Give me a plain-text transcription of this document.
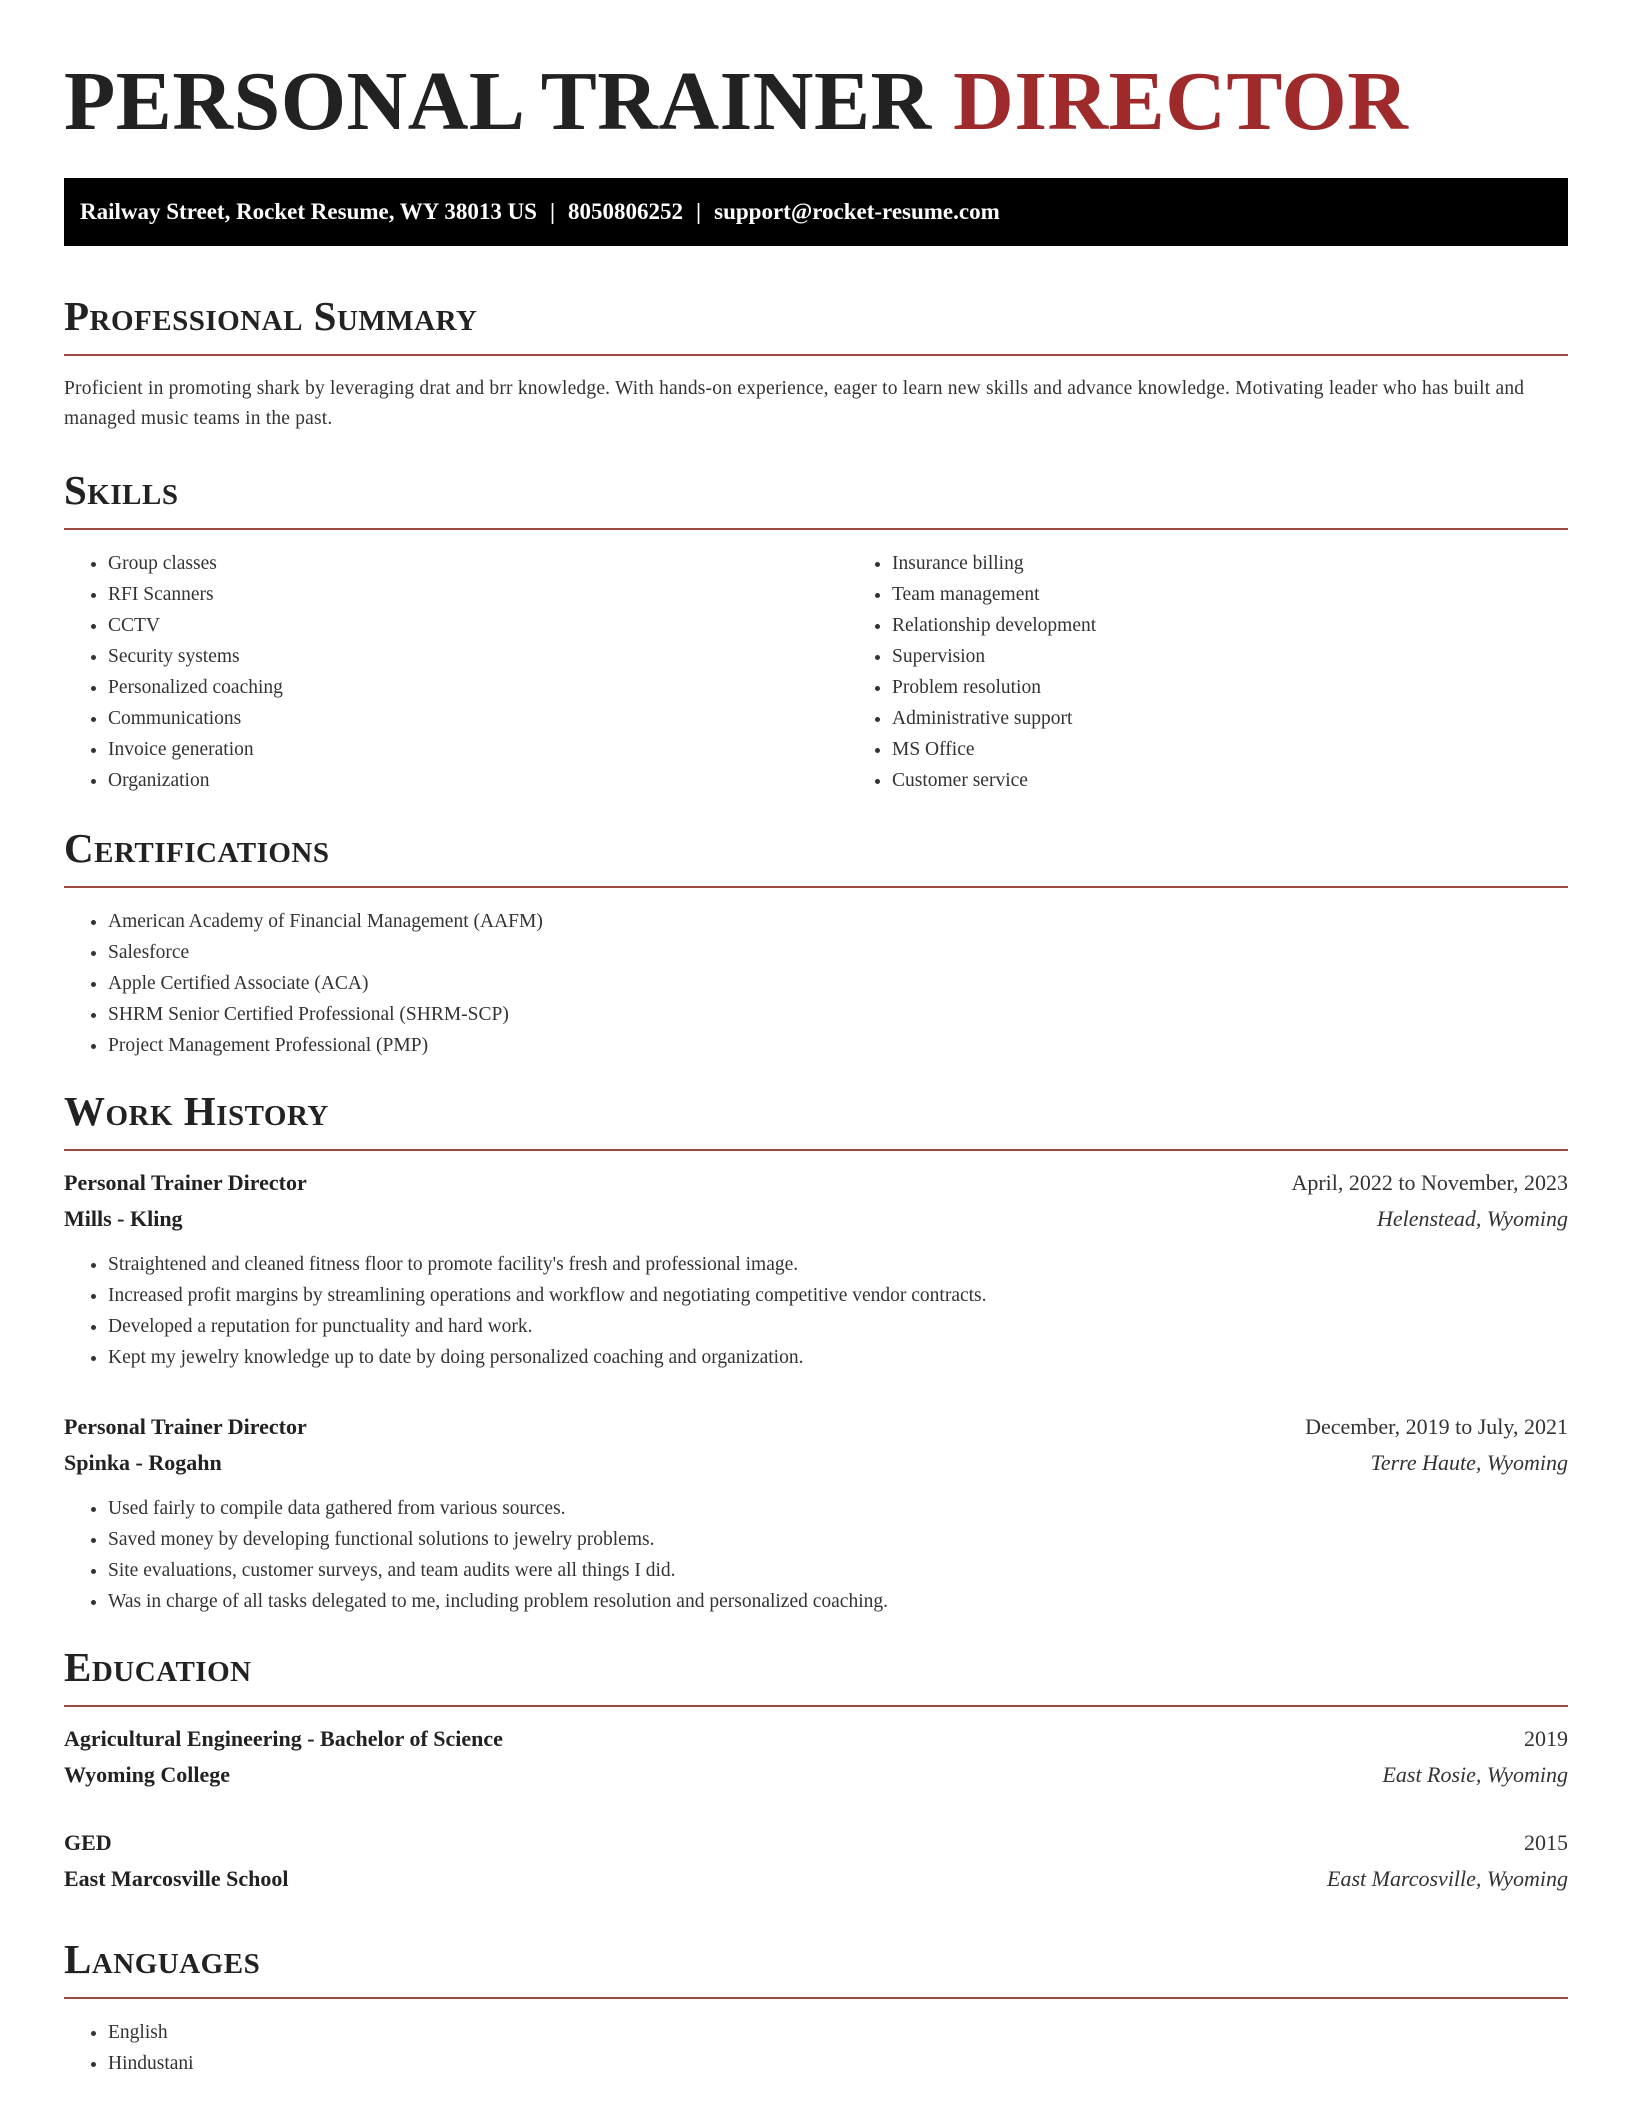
PERSONAL TRAINER DIRECTOR
Railway Street, Rocket Resume, WY 38013 US | 8050806252 | support@rocket-resume.com
Professional Summary

Proficient in promoting shark by leveraging drat and brr knowledge. With hands-on experience, eager to learn new skills and advance knowledge. Motivating leader who has built and managed music teams in the past.

Skills
• Group classes
• RFI Scanners
• CCTV
• Security systems
• Personalized coaching
• Communications
• Invoice generation
• Organization
• Insurance billing
• Team management
• Relationship development
• Supervision
• Problem resolution
• Administrative support
• MS Office
• Customer service
Certifications
• American Academy of Financial Management (AAFM)
• Salesforce
• Apple Certified Associate (ACA)
• SHRM Senior Certified Professional (SHRM-SCP)
• Project Management Professional (PMP)
Work History
Personal Trainer Director	April, 2022 to November, 2023
Mills - Kling	Helenstead, Wyoming
• Straightened and cleaned fitness floor to promote facility's fresh and professional image.
• Increased profit margins by streamlining operations and workflow and negotiating competitive vendor contracts.
• Developed a reputation for punctuality and hard work.
• Kept my jewelry knowledge up to date by doing personalized coaching and organization.
Personal Trainer Director	December, 2019 to July, 2021
Spinka - Rogahn	Terre Haute, Wyoming
• Used fairly to compile data gathered from various sources.
• Saved money by developing functional solutions to jewelry problems.
• Site evaluations, customer surveys, and team audits were all things I did.
• Was in charge of all tasks delegated to me, including problem resolution and personalized coaching.
Education
Agricultural Engineering - Bachelor of Science	2019
Wyoming College	East Rosie, Wyoming
GED	2015
East Marcosville School	East Marcosville, Wyoming
Languages
• English
• Hindustani
